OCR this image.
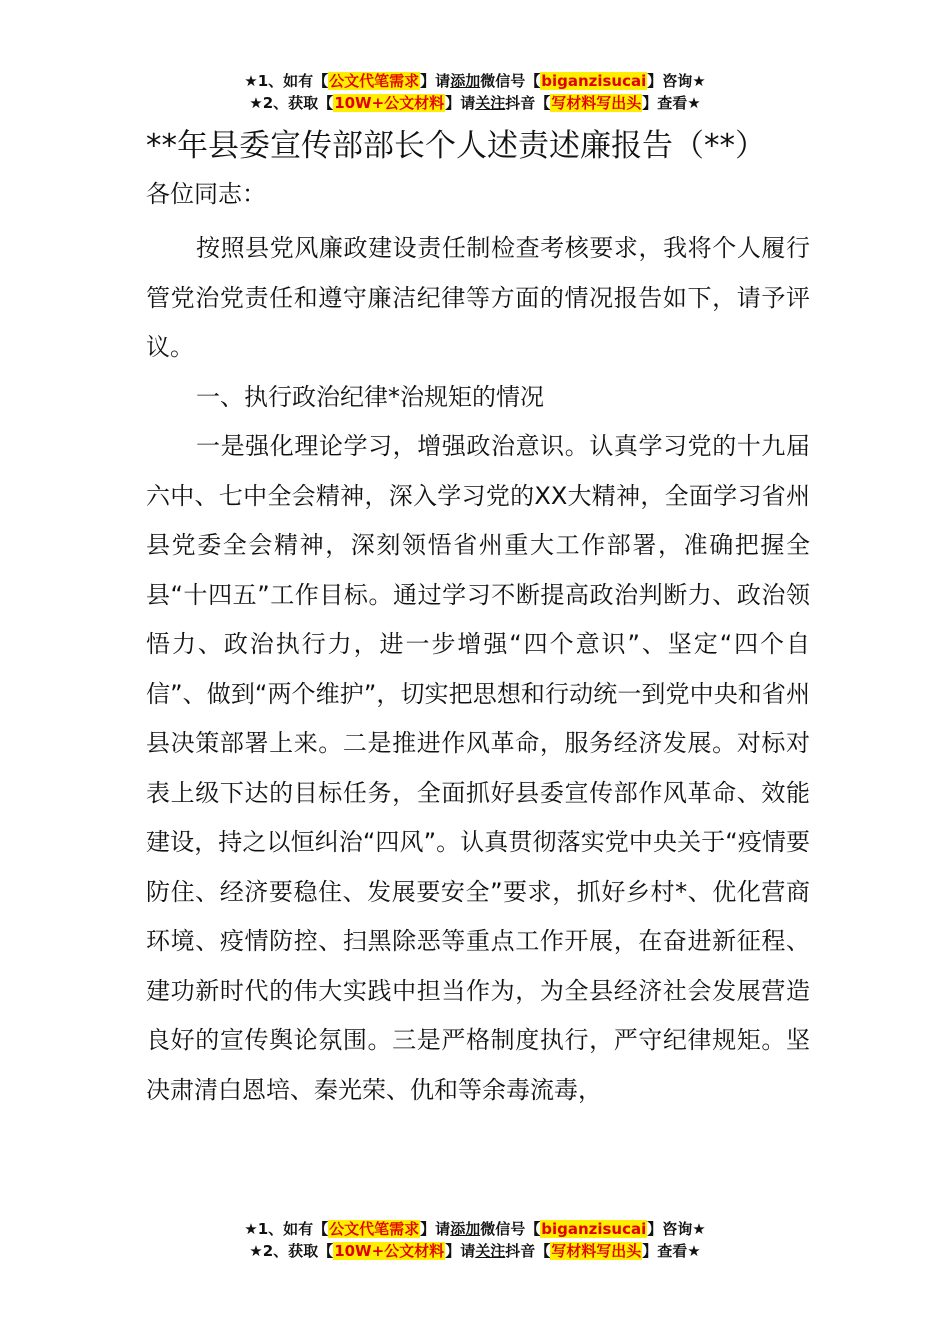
★1、如有【公文代笔需求】请添加微信号【biganzisucai】咨询★
★2、获取【10W+公文材料】请关注抖音【写材料写出头】查看★
**年县委宣传部部长个人述责述廉报告（**）

各位同志：

按照县党风廉政建设责任制检查考核要求，我将个人履行管党治党责任和遵守廉洁纪律等方面的情况报告如下，请予评议。

一、执行政治纪律*治规矩的情况

一是强化理论学习，增强政治意识。认真学习党的十九届六中、七中全会精神，深入学习党的XX大精神，全面学习省州县党委全会精神，深刻领悟省州重大工作部署，准确把握全县“十四五”工作目标。通过学习不断提高政治判断力、政治领悟力、政治执行力，进一步增强“四个意识”、坚定“四个自信”、做到“两个维护”，切实把思想和行动统一到党中央和省州县决策部署上来。二是推进作风革命，服务经济发展。对标对表上级下达的目标任务，全面抓好县委宣传部作风革命、效能建设，持之以恒纠治“四风”。认真贯彻落实党中央关于“疫情要防住、经济要稳住、发展要安全”要求，抓好乡村*、优化营商环境、疫情防控、扫黑除恶等重点工作开展，在奋进新征程、建功新时代的伟大实践中担当作为，为全县经济社会发展营造良好的宣传舆论氛围。三是严格制度执行，严守纪律规矩。坚决肃清白恩培、秦光荣、仇和等余毒流毒，

★1、如有【公文代笔需求】请添加微信号【biganzisucai】咨询★
★2、获取【10W+公文材料】请关注抖音【写材料写出头】查看★
